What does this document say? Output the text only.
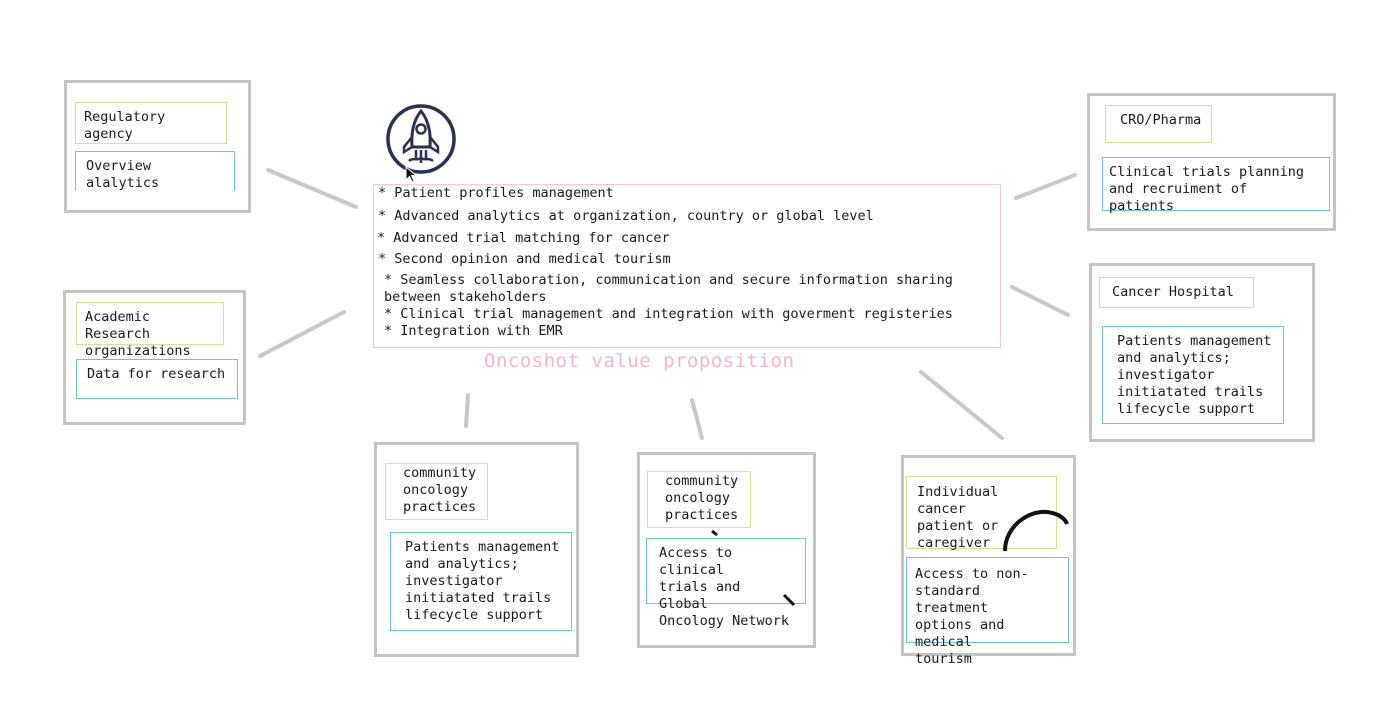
Regulatory agency
Overview alalytics
Academic Research
organizations
Data for research
CRO/Pharma
Clinical trials planning
and recruiment of patients
Cancer Hospital
Patients management
and analytics;
investigator
initiatated trails
lifecycle support
community
oncology
practices
Patients management
and analytics;
investigator
initiatated trails
lifecycle support
community
oncology
practices
Access to clinical
trials and Global
Oncology Network
Individual cancer
patient or
caregiver
Access to non-
standard treatment
options and medical
tourism
* Patient profiles management
* Advanced analytics at organization, country or global level
* Advanced trial matching for cancer
* Second opinion and medical tourism
* Seamless collaboration, communication and secure information sharing between stakeholders
* Clinical trial management and integration with goverment registeries
* Integration with EMR
Oncoshot value proposition
